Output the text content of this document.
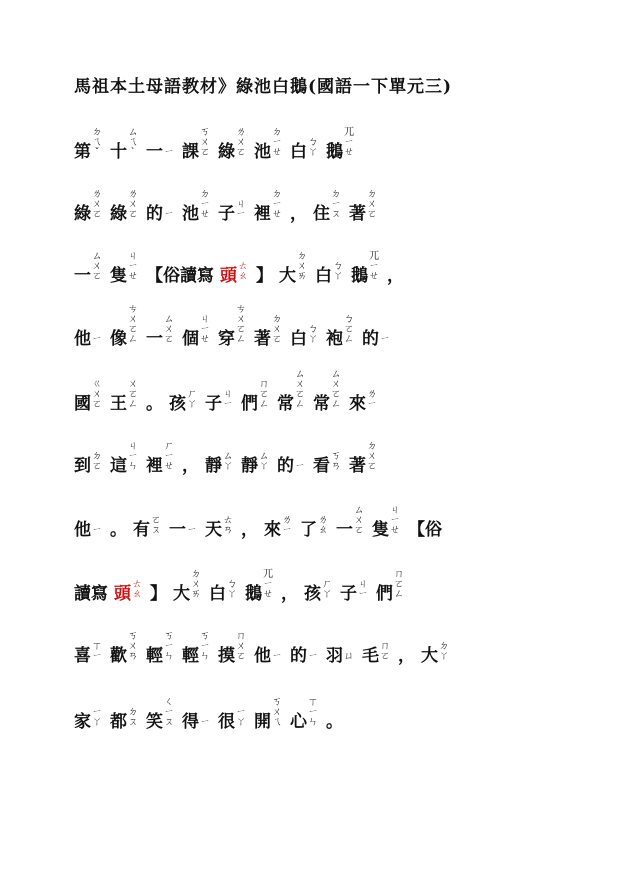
馬祖本土母語教材》綠池白鵝(國語一下單元三)
第
ㄉ
ㄟ
ˇ 十
ㄙ
ㄟ
ˋ 一 ㄧ 課
ㄎ
ㄨ
ㄛ 綠
ㄌ
ㄨ
ㄛ 池
ㄉ
ㄧ
ㄝ 白 ㄅ
ㄚ 鵝
ㄫ
ㄧ
ㄝ
綠
ㄌ
ㄨ
ㄛ 綠
ㄌ
ㄨ
ㄛ 的 ㄧ 池
ㄉ
ㄧ
ㄝ 子 ㄐ
ㄧ 裡
ㄉ
ㄧ
ㄝ ， 住
ㄉ
ㄧ
ㄡ 著
ㄉ
ㄨ
ㄛ
一
ㄙ
ㄨ
ㄛ 隻
ㄐ
ㄧ
ㄝ 【俗讀寫 頭 ㄊ
ㄠ 】 大
ㄉ
ㄨ
ㄞ 白 ㄅ
ㄚ 鵝
ㄫ
ㄧ
ㄝ ，
他 ㄧ 像
ㄘ
ㄨ
ㄛ
ㄥ 一
ㄙ
ㄨ
ㄛ 個
ㄐ
ㄧ
ㄝ 穿
ㄘ
ㄨ
ㄛ
ㄥ 著
ㄉ
ㄨ
ㄛ 白 ㄅ
ㄚ 袍
ㄅ
ㄛ
ㄥ 的 ㄧ
國
ㄍ
ㄨ
ㄛ 王
ㄨ
ㄛ
ㄥ 。 孩 ㄏ
ㄚ 子 ㄐ
ㄧ 們
ㄇ
ㄛ
ㄥ 常
ㄙ
ㄨ
ㄛ
ㄥ 常
ㄙ
ㄨ
ㄛ
ㄥ 來 ㄌ
ㄧ
到 ㄉ
ㄛ 這
ㄐ
ㄧ
ㄣ 裡
ㄏ
ㄧ
ㄝ ， 靜 ㄙ
ㄚ 靜 ㄙ
ㄚ 的 ㄧ 看 ㄎ
ㄢ 著
ㄉ
ㄨ
ㄛ
他 ㄧ 。 有 ㄛ
ㄡ 一 ㄧ 天 ㄊ
ㄢ ， 來 ㄌ
ㄧ 了 ㄌ
ㄠ 一
ㄙ
ㄨ
ㄛ 隻
ㄐ
ㄧ
ㄝ 【俗
讀寫 頭 ㄊ
ㄠ 】 大
ㄉ
ㄨ
ㄞ 白 ㄅ
ㄚ 鵝
ㄫ
ㄧ
ㄝ ， 孩 ㄏ
ㄚ 子 ㄐ
ㄧ 們
ㄇ
ㄛ
ㄥ
喜 ㄒ
ㄧ 歡
ㄎ
ㄨ
ㄢ 輕
ㄎ
ㄧ
ㄣ 輕
ㄎ
ㄧ
ㄣ 摸
ㄇ
ㄨ
ㄛ 他 ㄧ 的 ㄧ 羽 ㄩ 毛 ㄇ
ㄛ ， 大 ㄉ
ㄚ
家 ㄧ
ㄚ 都 ㄉ
ㄡ 笑
ㄑ
ㄧ
ㄡ 得 ㄧ 很 ㄧ
ㄚ 開
ㄎ
ㄨ
ㄟ 心
ㄒ
ㄧ
ㄣ 。
